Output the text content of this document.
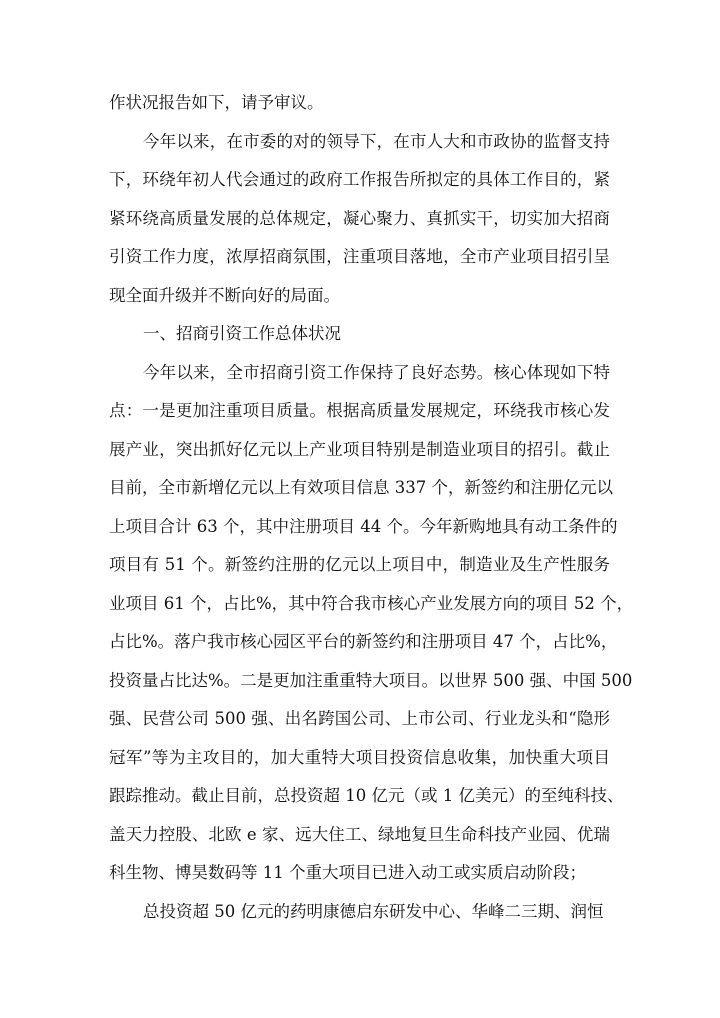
作状况报告如下，请予审议。
今年以来，在市委的对的领导下，在市人大和市政协的监督支持
下，环绕年初人代会通过的政府工作报告所拟定的具体工作目的，紧
紧环绕高质量发展的总体规定，凝心聚力、真抓实干，切实加大招商
引资工作力度，浓厚招商氛围，注重项目落地，全市产业项目招引呈
现全面升级并不断向好的局面。
一、招商引资工作总体状况
今年以来，全市招商引资工作保持了良好态势。核心体现如下特
点：一是更加注重项目质量。根据高质量发展规定，环绕我市核心发
展产业，突出抓好亿元以上产业项目特别是制造业项目的招引。截止
目前，全市新增亿元以上有效项目信息 337 个，新签约和注册亿元以
上项目合计 63 个，其中注册项目 44 个。今年新购地具有动工条件的
项目有 51 个。新签约注册的亿元以上项目中，制造业及生产性服务
业项目 61 个，占比%，其中符合我市核心产业发展方向的项目 52 个，
占比%。落户我市核心园区平台的新签约和注册项目 47 个，占比%，
投资量占比达%。二是更加注重重特大项目。以世界 500 强、中国 500
强、民营公司 500 强、出名跨国公司、上市公司、行业龙头和“隐形
冠军”等为主攻目的，加大重特大项目投资信息收集，加快重大项目
跟踪推动。截止目前，总投资超 10 亿元（或 1 亿美元）的至纯科技、
盖天力控股、北欧 e 家、远大住工、绿地复旦生命科技产业园、优瑞
科生物、博昊数码等 11 个重大项目已进入动工或实质启动阶段；
总投资超 50 亿元的药明康德启东研发中心、华峰二三期、润恒
